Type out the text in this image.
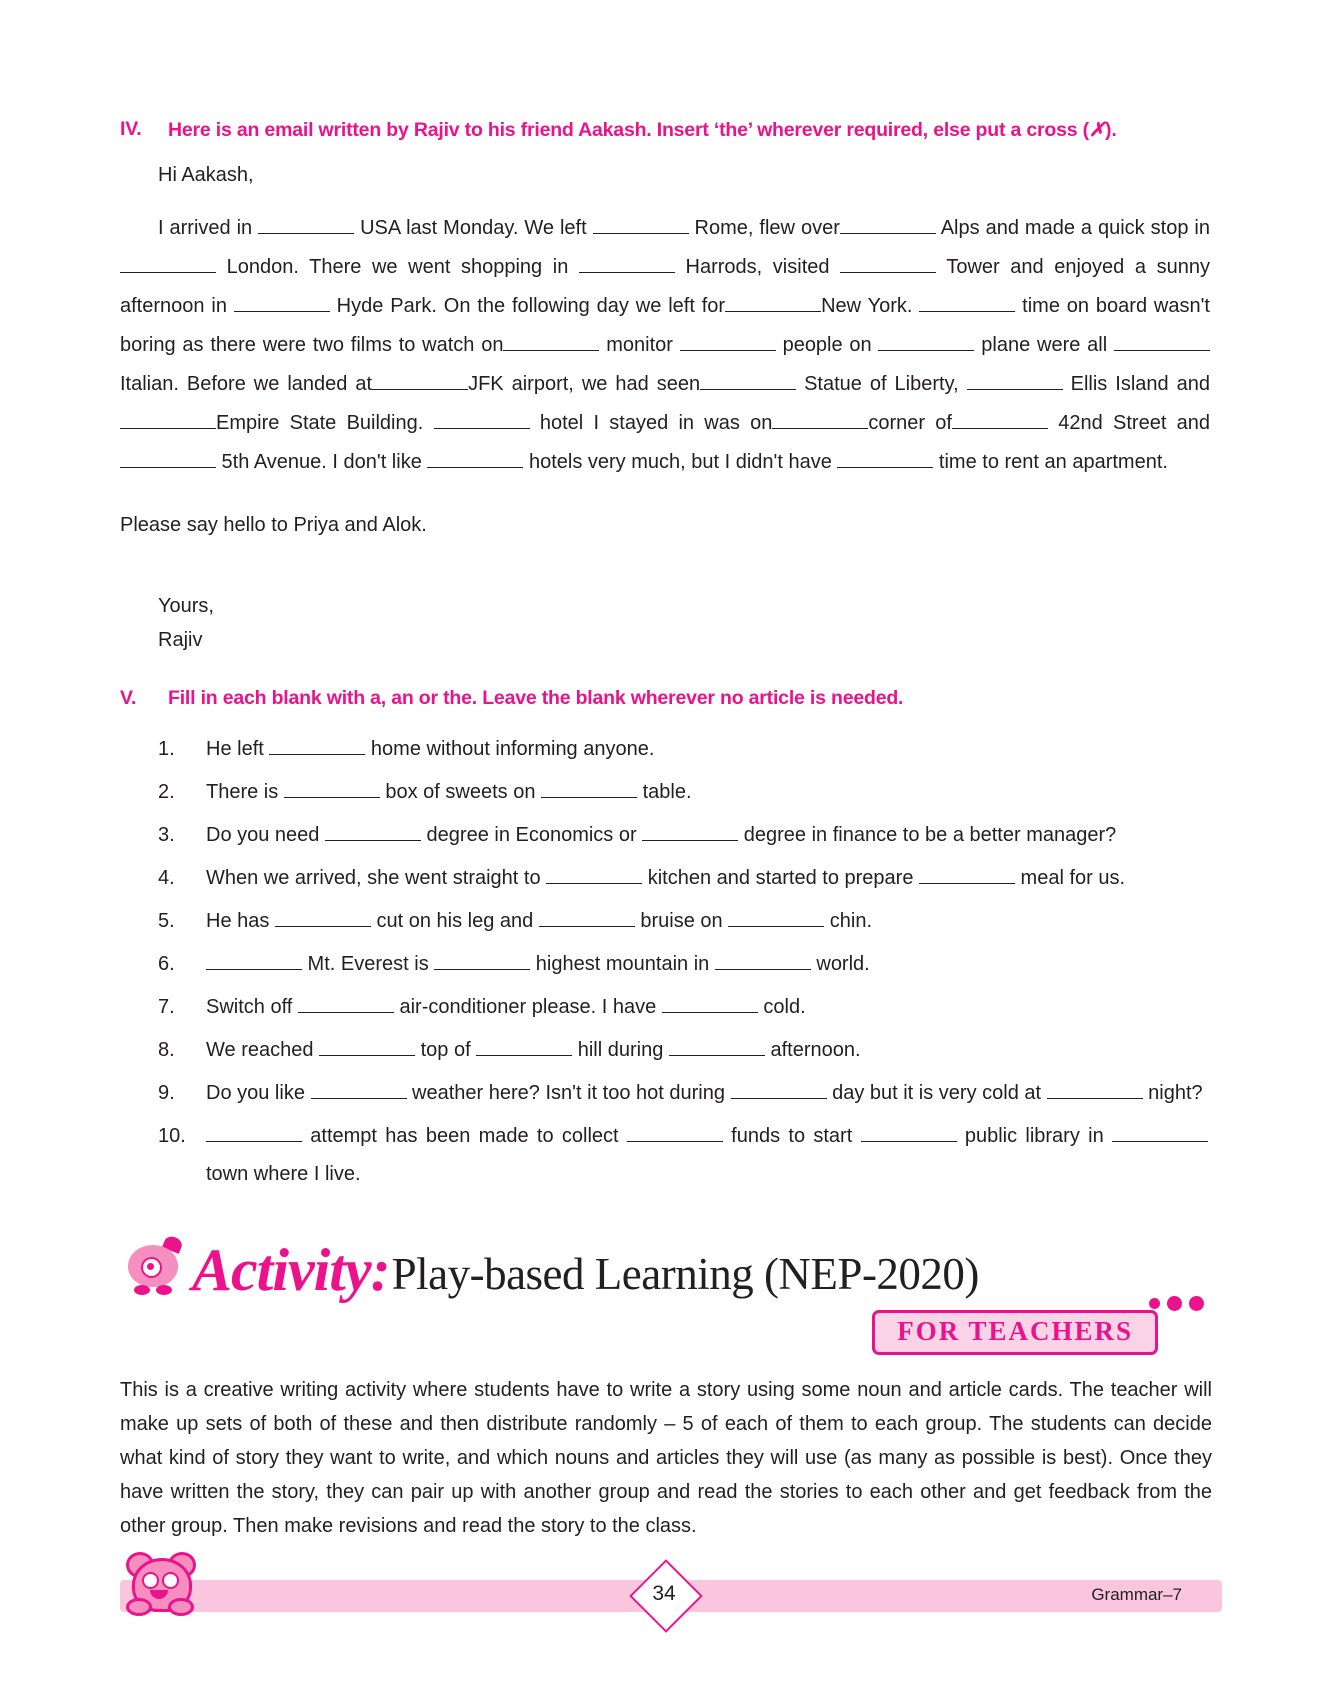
IV.	Here is an email written by Rajiv to his friend Aakash. Insert ‘the’ wherever required, else put a cross (✗).
Hi Aakash,

I arrived in	USA last Monday. We left	Rome, flew over	Alps and made a quick stop in  London. There we went shopping in	Harrods, visited	Tower and enjoyed a sunny afternoon in	Hyde Park. On the following day we left for	New York.	time on board wasn't boring as there were two films to watch on	monitor	people on	plane were all Italian. Before we landed at	JFK airport, we had seen	Statue of Liberty,	Ellis Island and Empire State Building.	hotel I stayed in was on	corner of	42nd Street and 5th Avenue. I don't like	hotels very much, but I didn't have	time to rent an apartment.

Please say hello to Priya and Alok.

Yours,
Rajiv
V.	Fill in each blank with a, an or the. Leave the blank wherever no article is needed.
1.	He left	home without informing anyone.
2.	There is	box of sweets on	table.
3.	Do you need	degree in Economics or	degree in finance to be a better manager?
4.	When we arrived, she went straight to	kitchen and started to prepare	meal for us.
5.	He has	cut on his leg and	bruise on	chin.
6.	Mt. Everest is	highest mountain in	world.
7.	Switch off	air-conditioner please. I have	cold.
8.	We reached	top of	hill during	afternoon.
9.	Do you like	weather here? Isn't it too hot during	day but it is very cold at	night?
10.	attempt has been made to collect	funds to start	public library in  town where I live.
Activity: Play-based Learning (NEP-2020)
FOR TEACHERS

This is a creative writing activity where students have to write a story using some noun and article cards. The teacher will make up sets of both of these and then distribute randomly – 5 of each of them to each group. The students can decide what kind of story they want to write, and which nouns and articles they will use (as many as possible is best). Once they have written the story, they can pair up with another group and read the stories to each other and get feedback from the other group. Then make revisions and read the story to the class.

34	Grammar–7
